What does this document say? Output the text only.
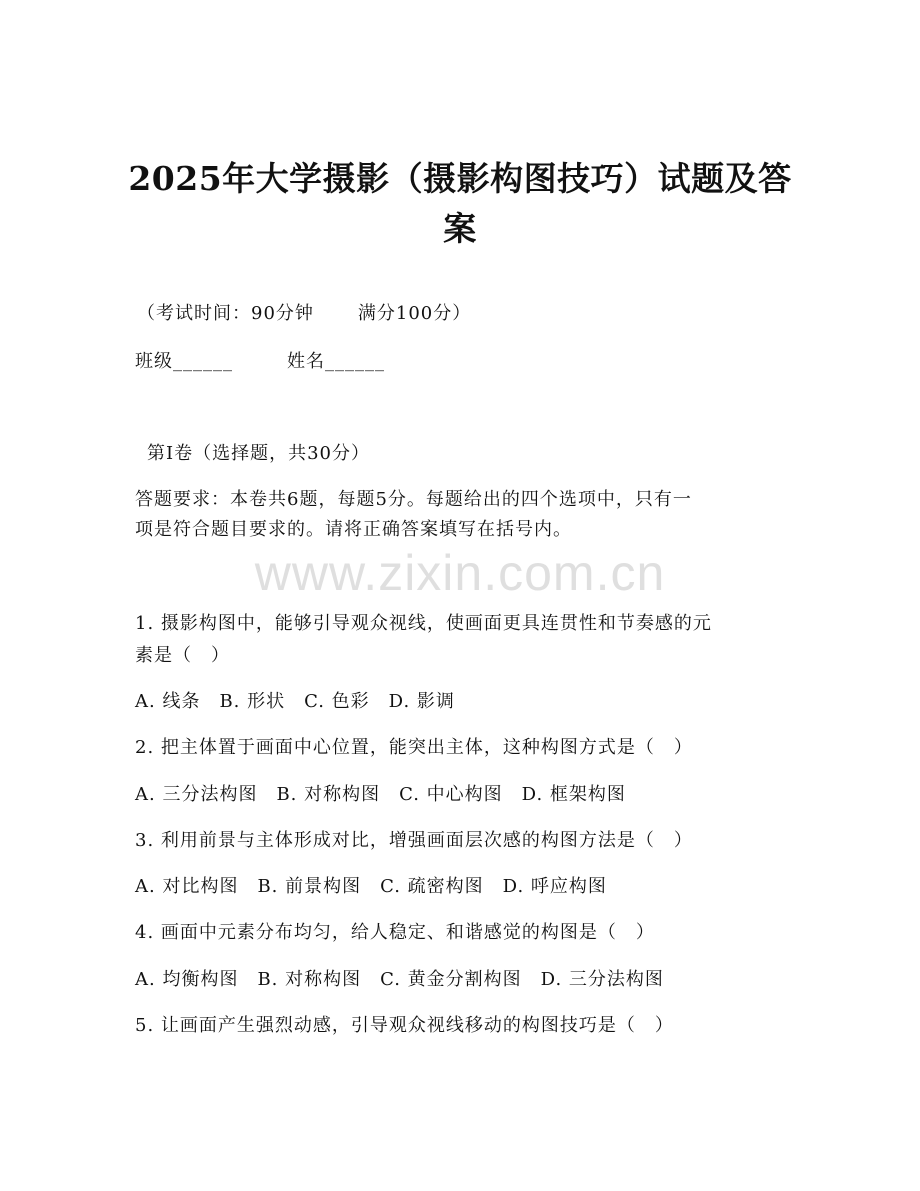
2025年大学摄影（摄影构图技巧）试题及答
案
（考试时间：90分钟 满分100分）
班级______	姓名______
第Ⅰ卷（选择题，共30分）
答题要求：本卷共6题，每题5分。每题给出的四个选项中，只有一
项是符合题目要求的。请将正确答案填写在括号内。
www.zixin.com.cn
1. 摄影构图中，能够引导观众视线，使画面更具连贯性和节奏感的元
素是（　）
A. 线条　B. 形状　C. 色彩　D. 影调
2. 把主体置于画面中心位置，能突出主体，这种构图方式是（　）
A. 三分法构图　B. 对称构图　C. 中心构图　D. 框架构图
3. 利用前景与主体形成对比，增强画面层次感的构图方法是（　）
A. 对比构图　B. 前景构图　C. 疏密构图　D. 呼应构图
4. 画面中元素分布均匀，给人稳定、和谐感觉的构图是（　）
A. 均衡构图　B. 对称构图　C. 黄金分割构图　D. 三分法构图
5. 让画面产生强烈动感，引导观众视线移动的构图技巧是（　）
